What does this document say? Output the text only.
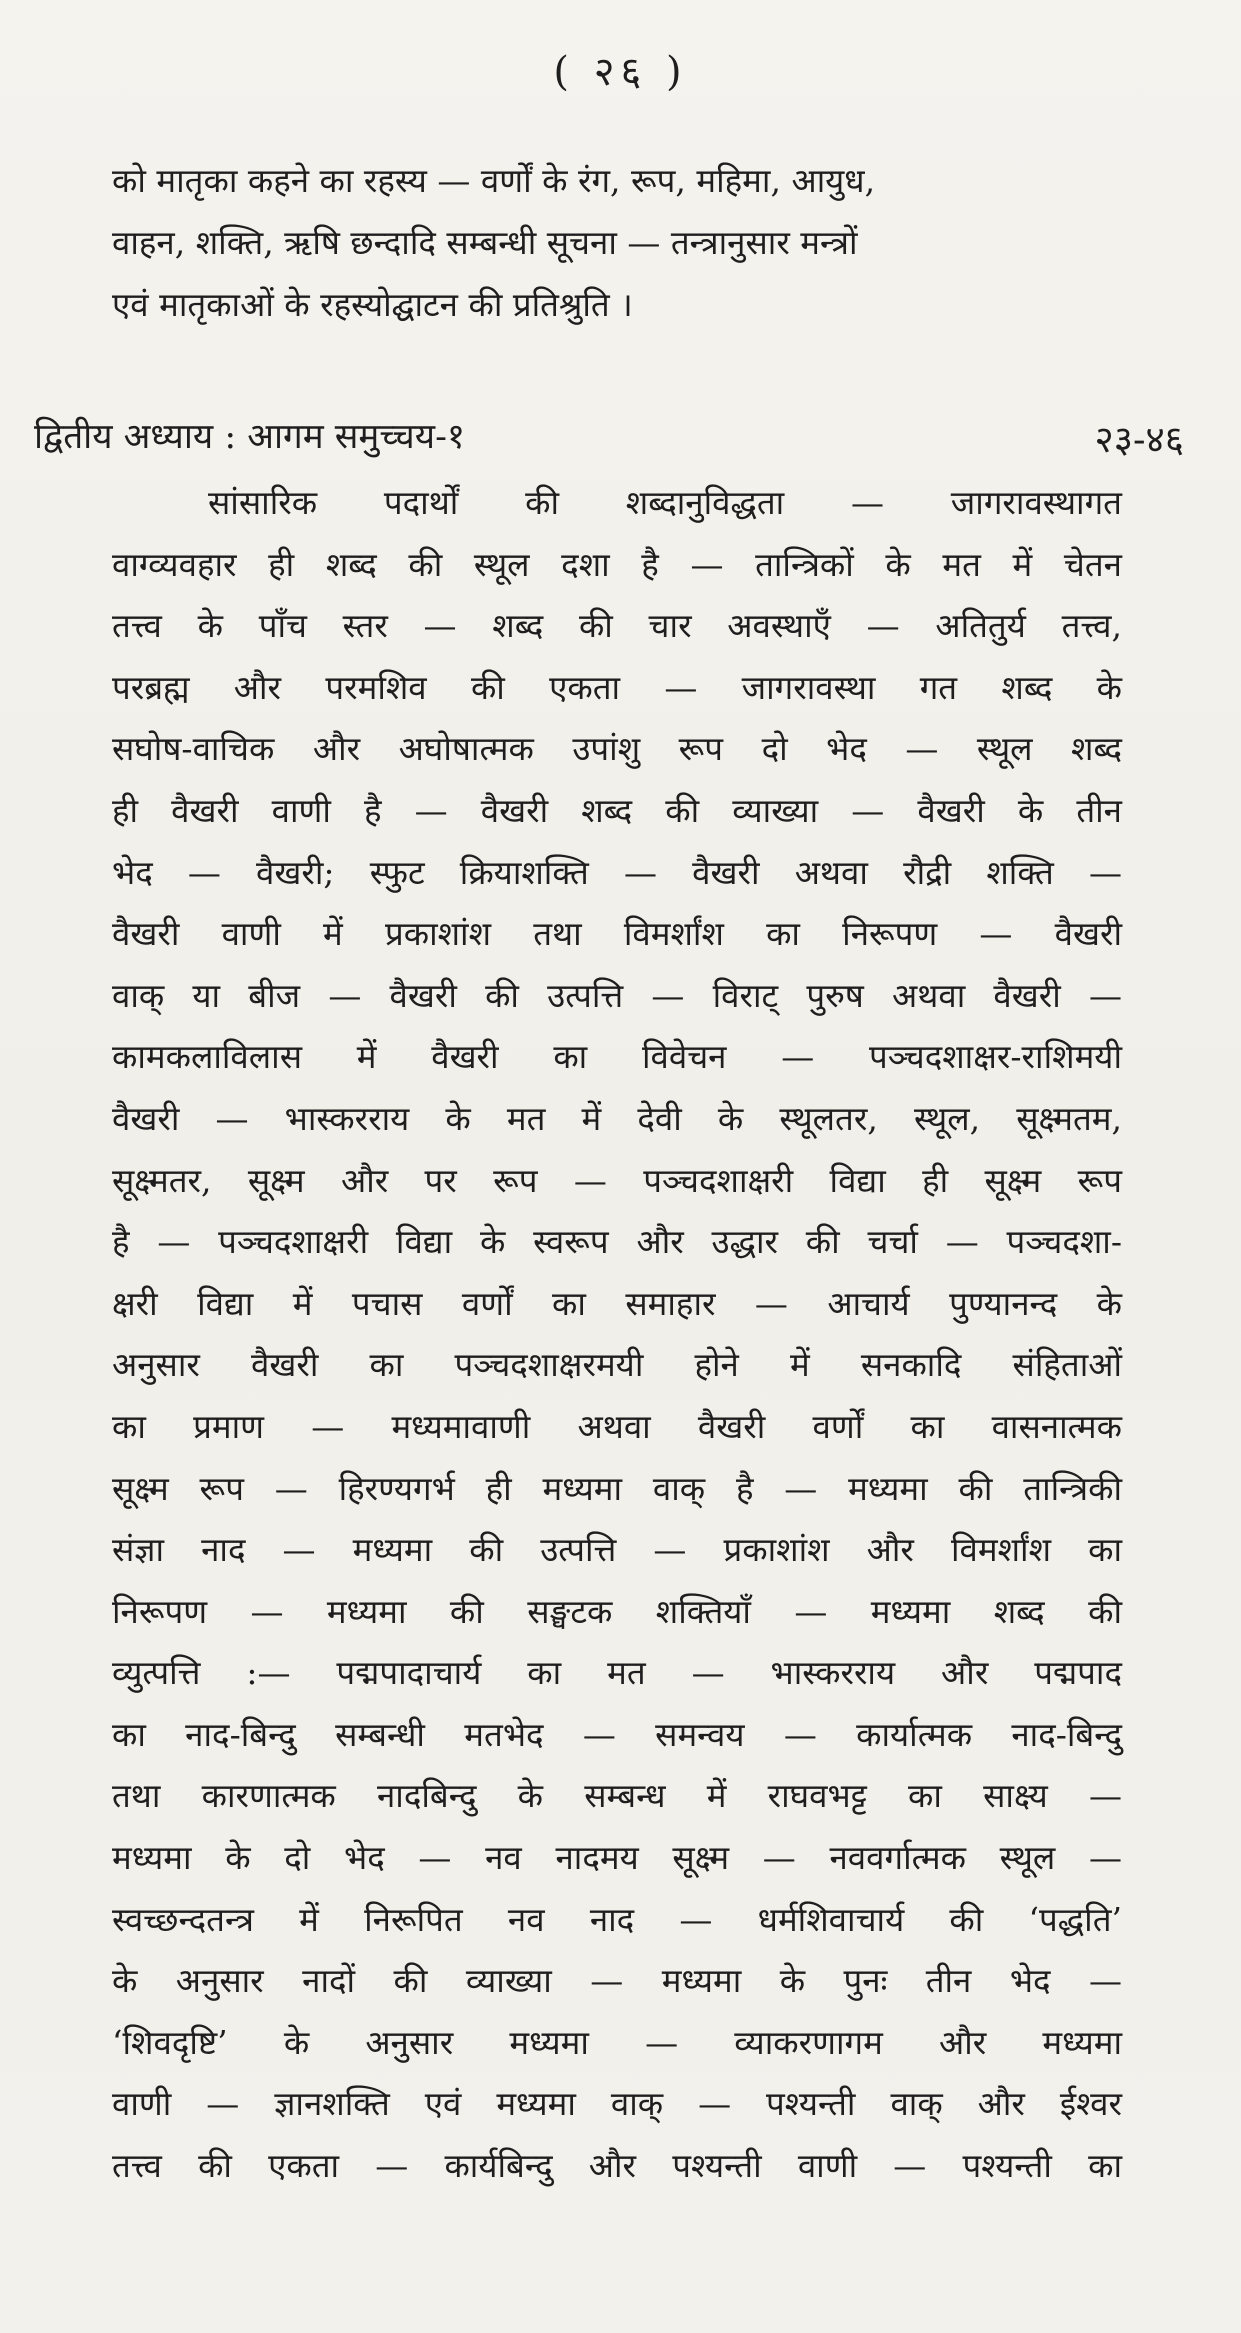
( २६ )
को मातृका कहने का रहस्य — वर्णों के रंग, रूप, महिमा, आयुध,
वाहन, शक्ति, ऋषि छन्दादि सम्बन्धी सूचना — तन्त्रानुसार मन्त्रों
एवं मातृकाओं के रहस्योद्घाटन की प्रतिश्रुति ।
द्वितीय अध्याय : आगम समुच्चय-१	२३-४६
सांसारिक पदार्थों की शब्दानुविद्धता — जागरावस्थागत
वाग्व्यवहार ही शब्द की स्थूल दशा है — तान्त्रिकों के मत में चेतन
तत्त्व के पाँच स्तर — शब्द की चार अवस्थाएँ — अतितुर्य तत्त्व,
परब्रह्म और परमशिव की एकता — जागरावस्था गत शब्द के
सघोष-वाचिक और अघोषात्मक उपांशु रूप दो भेद — स्थूल शब्द
ही वैखरी वाणी है — वैखरी शब्द की व्याख्या — वैखरी के तीन
भेद — वैखरी; स्फुट क्रियाशक्ति — वैखरी अथवा रौद्री शक्ति —
वैखरी वाणी में प्रकाशांश तथा विमर्शांश का निरूपण — वैखरी
वाक् या बीज — वैखरी की उत्पत्ति — विराट् पुरुष अथवा वैखरी —
कामकलाविलास में वैखरी का विवेचन — पञ्चदशाक्षर-राशिमयी
वैखरी — भास्करराय के मत में देवी के स्थूलतर, स्थूल, सूक्ष्मतम,
सूक्ष्मतर, सूक्ष्म और पर रूप — पञ्चदशाक्षरी विद्या ही सूक्ष्म रूप
है — पञ्चदशाक्षरी विद्या के स्वरूप और उद्धार की चर्चा — पञ्चदशा-
क्षरी विद्या में पचास वर्णों का समाहार — आचार्य पुण्यानन्द के
अनुसार वैखरी का पञ्चदशाक्षरमयी होने में सनकादि संहिताओं
का प्रमाण — मध्यमावाणी अथवा वैखरी वर्णों का वासनात्मक
सूक्ष्म रूप — हिरण्यगर्भ ही मध्यमा वाक् है — मध्यमा की तान्त्रिकी
संज्ञा नाद — मध्यमा की उत्पत्ति — प्रकाशांश और विमर्शांश का
निरूपण — मध्यमा की सङ्घटक शक्तियाँ — मध्यमा शब्द की
व्युत्पत्ति :— पद्मपादाचार्य का मत — भास्करराय और पद्मपाद
का नाद-बिन्दु सम्बन्धी मतभेद — समन्वय — कार्यात्मक नाद-बिन्दु
तथा कारणात्मक नादबिन्दु के सम्बन्ध में राघवभट्ट का साक्ष्य —
मध्यमा के दो भेद — नव नादमय सूक्ष्म — नववर्गात्मक स्थूल —
स्वच्छन्दतन्त्र में निरूपित नव नाद — धर्मशिवाचार्य की ‘पद्धति’
के अनुसार नादों की व्याख्या — मध्यमा के पुनः तीन भेद —
‘शिवदृष्टि’ के अनुसार मध्यमा — व्याकरणागम और मध्यमा
वाणी — ज्ञानशक्ति एवं मध्यमा वाक् — पश्यन्ती वाक् और ईश्वर
तत्त्व की एकता — कार्यबिन्दु और पश्यन्ती वाणी — पश्यन्ती का
